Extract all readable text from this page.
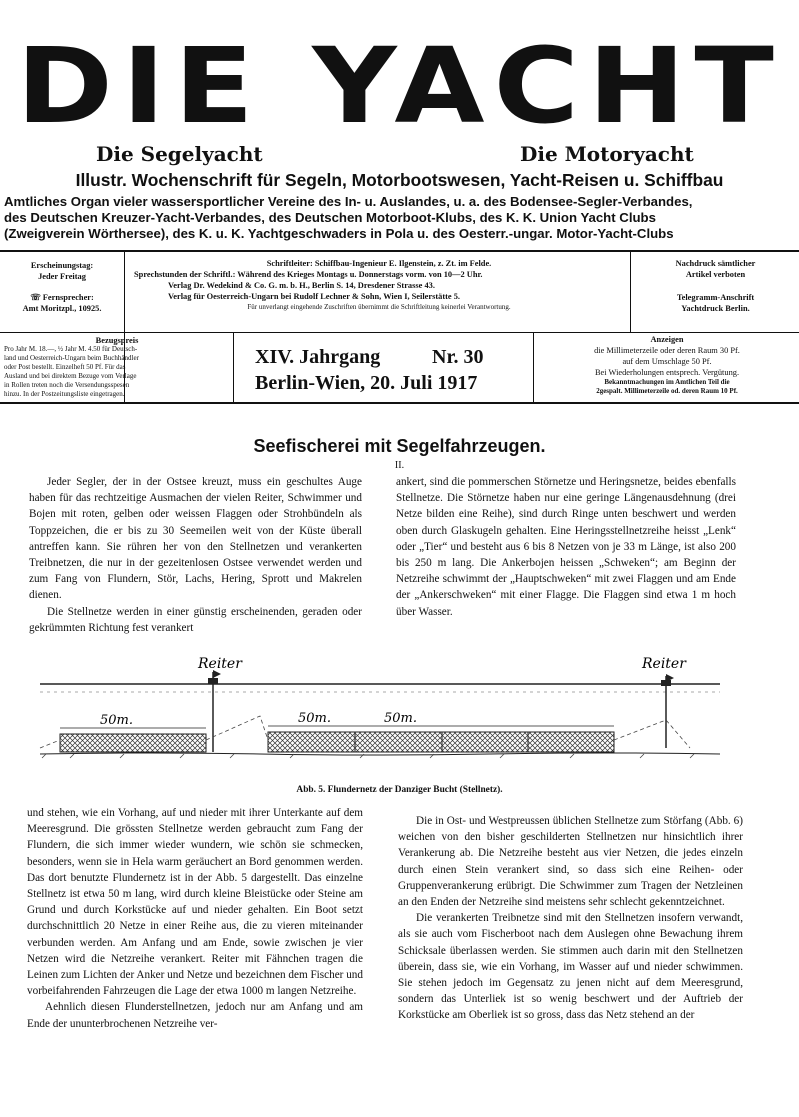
DIE YACHT
Die Segelyacht	Die Motoryacht
Illustr. Wochenschrift für Segeln, Motorbootswesen, Yacht-Reisen u. Schiffbau
Amtliches Organ vieler wassersportlicher Vereine des In- u. Auslandes, u. a. des Bodensee-Segler-Verbandes,
des Deutschen Kreuzer-Yacht-Verbandes, des Deutschen Motorboot-Klubs, des K. K. Union Yacht Clubs
(Zweigverein Wörthersee), des K. u. K. Yachtgeschwaders in Pola u. des Oesterr.-ungar. Motor-Yacht-Clubs
Erscheinungstag:
Jeder Freitag
☏ Fernsprecher:
Amt Moritzpl., 10925.
Schriftleiter: Schiffbau-Ingenieur E. Ilgenstein, z. Zt. im Felde.
Sprechstunden der Schriftl.: Während des Krieges Montags u. Donnerstags vorm. von 10—2 Uhr.
Verlag Dr. Wedekind & Co. G. m. b. H., Berlin S. 14, Dresdener Strasse 43.
Verlag für Oesterreich-Ungarn bei Rudolf Lechner & Sohn, Wien I, Seilerstätte 5.
Für unverlangt eingehende Zuschriften übernimmt die Schriftleitung keinerlei Verantwortung.
Nachdruck sämtlicher
Artikel verboten
Telegramm-Anschrift
Yachtdruck Berlin.
Bezugspreis
Pro Jahr M. 18.—, ½ Jahr M. 4.50 für Deutsch-
land und Oesterreich-Ungarn beim Buchhändler
oder Post bestellt. Einzelheft 50 Pf. Für das
Ausland und bei direktem Bezuge vom Verlage
in Rollen treten noch die Versendungsspesen
hinzu. In der Postzeitungsliste eingetragen.
XIV. Jahrgang	Nr. 30
Berlin-Wien, 20. Juli 1917
Anzeigen
die Millimeterzeile oder deren Raum 30 Pf.
auf dem Umschlage 50 Pf.
Bei Wiederholungen entsprech. Vergütung.
Bekanntmachungen im Amtlichen Teil die
2gespalt. Millimeterzeile od. deren Raum 10 Pf.
Seefischerei mit Segelfahrzeugen.
II.

Jeder Segler, der in der Ostsee kreuzt, muss ein geschultes Auge haben für das rechtzeitige Ausmachen der vielen Reiter, Schwimmer und Bojen mit roten, gelben oder weissen Flaggen oder Strohbündeln als Toppzeichen, die er bis zu 30 Seemeilen weit von der Küste überall antreffen kann. Sie rühren her von den Stellnetzen und verankerten Treibnetzen, die nur in der gezeitenlosen Ostsee verwendet werden und zum Fang von Flundern, Stör, Lachs, Hering, Sprott und Makrelen dienen.

Die Stellnetze werden in einer günstig erscheinenden, geraden oder gekrümmten Richtung fest verankert

ankert, sind die pommerschen Störnetze und Heringsnetze, beides ebenfalls Stellnetze. Die Störnetze haben nur eine geringe Längenausdehnung (drei Netze bilden eine Reihe), sind durch Ringe unten beschwert und werden oben durch Glaskugeln gehalten. Eine Heringsstellnetzreihe heisst „Lenk“ oder „Tier“ und besteht aus 6 bis 8 Netzen von je 33 m Länge, ist also 200 bis 250 m lang. Die Ankerbojen heissen „Schweken“; am Beginn der Netzreihe schwimmt der „Hauptschweken“ mit zwei Flaggen und am Ende der „Ankerschweken“ mit einer Flagge. Die Flaggen sind etwa 1 m hoch über Wasser.

Reiter	Reiter
50m.	50m.	50m.
Abb. 5. Flundernetz der Danziger Bucht (Stellnetz).

und stehen, wie ein Vorhang, auf und nieder mit ihrer Unterkante auf dem Meeresgrund. Die grössten Stellnetze werden gebraucht zum Fang der Flundern, die sich immer wieder wundern, wie schön sie schmecken, besonders, wenn sie in Hela warm geräuchert an Bord genommen werden. Das dort benutzte Flundernetz ist in der Abb. 5 dargestellt. Das einzelne Stellnetz ist etwa 50 m lang, wird durch kleine Bleistücke oder Steine am Grund und durch Korkstücke auf und nieder gehalten. Ein Boot setzt durchschnittlich 20 Netze in einer Reihe aus, die zu vieren miteinander verbunden werden. Am Anfang und am Ende, sowie zwischen je vier Netzen wird die Netzreihe verankert. Reiter mit Fähnchen tragen die Leinen zum Lichten der Anker und Netze und bezeichnen dem Fischer und vorbeifahrenden Fahrzeugen die Lage der etwa 1000 m langen Netzreihe.

Aehnlich diesen Flunderstellnetzen, jedoch nur am Anfang und am Ende der ununterbrochenen Netzreihe ver-

Die in Ost- und Westpreussen üblichen Stellnetze zum Störfang (Abb. 6) weichen von den bisher geschilderten Stellnetzen nur hinsichtlich ihrer Verankerung ab. Die Netzreihe besteht aus vier Netzen, die jedes einzeln durch einen Stein verankert sind, so dass sich eine Reihen- oder Gruppenverankerung erübrigt. Die Schwimmer zum Tragen der Netzleinen an den Enden der Netzreihe sind meistens sehr schlecht gekenntzeichnet.

Die verankerten Treibnetze sind mit den Stellnetzen insofern verwandt, als sie auch vom Fischerboot nach dem Auslegen ohne Bewachung ihrem Schicksale überlassen werden. Sie stimmen auch darin mit den Stellnetzen überein, dass sie, wie ein Vorhang, im Wasser auf und nieder schwimmen. Sie stehen jedoch im Gegensatz zu jenen nicht auf dem Meeresgrund, sondern das Unterliek ist so wenig beschwert und der Auftrieb der Korkstücke am Oberliek ist so gross, dass das Netz stehend an der
